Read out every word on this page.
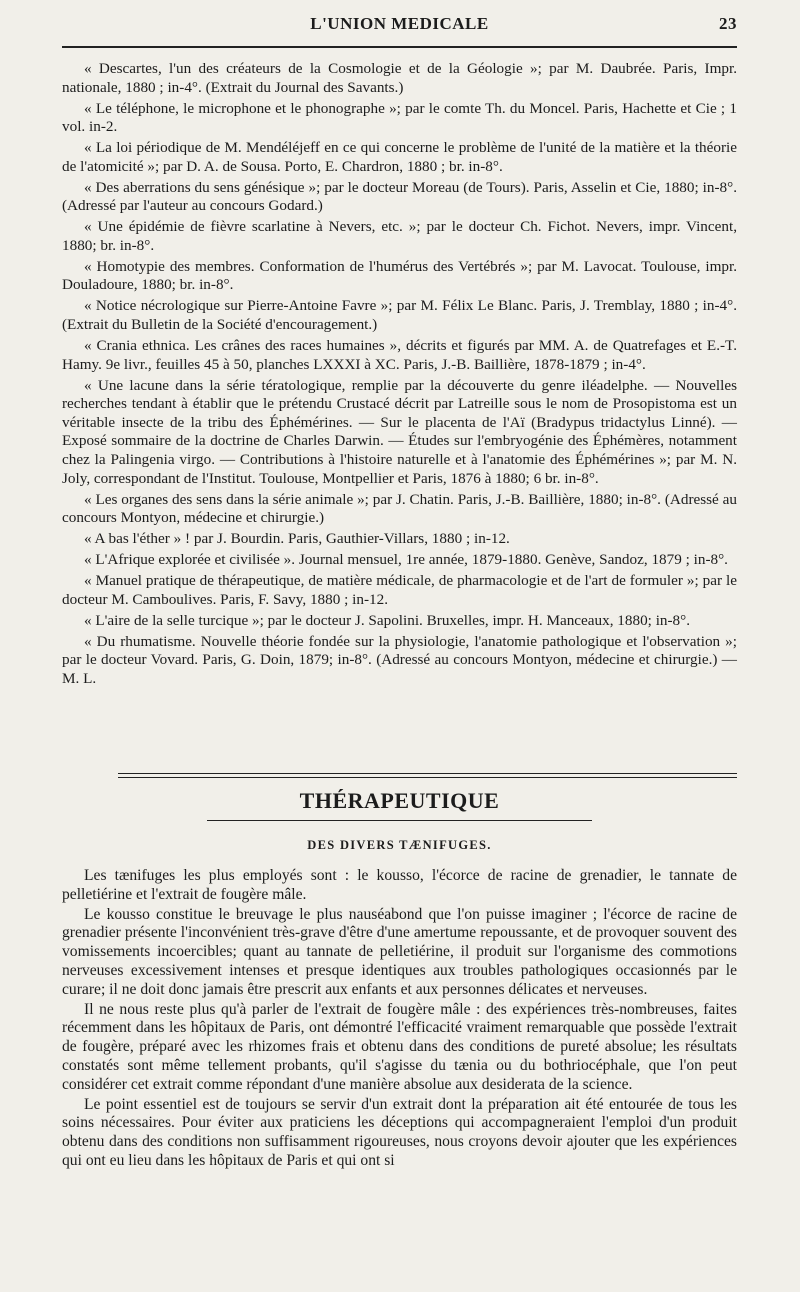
L'UNION MEDICALE	23

« Descartes, l'un des créateurs de la Cosmologie et de la Géologie »; par M. Daubrée. Paris, Impr. nationale, 1880 ; in-4°. (Extrait du Journal des Savants.)

« Le téléphone, le microphone et le phonographe »; par le comte Th. du Moncel. Paris, Hachette et Cie ; 1 vol. in-2.

« La loi périodique de M. Mendéléjeff en ce qui concerne le problème de l'unité de la matière et la théorie de l'atomicité »; par D. A. de Sousa. Porto, E. Chardron, 1880 ; br. in-8°.

« Des aberrations du sens génésique »; par le docteur Moreau (de Tours). Paris, Asselin et Cie, 1880; in-8°. (Adressé par l'auteur au concours Godard.)

« Une épidémie de fièvre scarlatine à Nevers, etc. »; par le docteur Ch. Fichot. Nevers, impr. Vincent, 1880; br. in-8°.

« Homotypie des membres. Conformation de l'humérus des Vertébrés »; par M. Lavocat. Toulouse, impr. Douladoure, 1880; br. in-8°.

« Notice nécrologique sur Pierre-Antoine Favre »; par M. Félix Le Blanc. Paris, J. Tremblay, 1880 ; in-4°. (Extrait du Bulletin de la Société d'encouragement.)

« Crania ethnica. Les crânes des races humaines », décrits et figurés par MM. A. de Quatrefages et E.-T. Hamy. 9e livr., feuilles 45 à 50, planches LXXXI à XC. Paris, J.-B. Baillière, 1878-1879 ; in-4°.

« Une lacune dans la série tératologique, remplie par la découverte du genre iléadelphe. — Nouvelles recherches tendant à établir que le prétendu Crustacé décrit par Latreille sous le nom de Prosopistoma est un véritable insecte de la tribu des Éphémérines. — Sur le placenta de l'Aï (Bradypus tridactylus Linné). — Exposé sommaire de la doctrine de Charles Darwin. — Études sur l'embryogénie des Éphémères, notamment chez la Palingenia virgo. — Contributions à l'histoire naturelle et à l'anatomie des Éphémérines »; par M. N. Joly, correspondant de l'Institut. Toulouse, Montpellier et Paris, 1876 à 1880; 6 br. in-8°.

« Les organes des sens dans la série animale »; par J. Chatin. Paris, J.-B. Baillière, 1880; in-8°. (Adressé au concours Montyon, médecine et chirurgie.)

« A bas l'éther » ! par J. Bourdin. Paris, Gauthier-Villars, 1880 ; in-12.

« L'Afrique explorée et civilisée ». Journal mensuel, 1re année, 1879-1880. Genève, Sandoz, 1879 ; in-8°.

« Manuel pratique de thérapeutique, de matière médicale, de pharmacologie et de l'art de formuler »; par le docteur M. Camboulives. Paris, F. Savy, 1880 ; in-12.

« L'aire de la selle turcique »; par le docteur J. Sapolini. Bruxelles, impr. H. Manceaux, 1880; in-8°.

« Du rhumatisme. Nouvelle théorie fondée sur la physiologie, l'anatomie pathologique et l'observation »; par le docteur Vovard. Paris, G. Doin, 1879; in-8°. (Adressé au concours Montyon, médecine et chirurgie.) — M. L.

THÉRAPEUTIQUE
DES DIVERS TÆNIFUGES.

Les tænifuges les plus employés sont : le kousso, l'écorce de racine de grenadier, le tannate de pelletiérine et l'extrait de fougère mâle.

Le kousso constitue le breuvage le plus nauséabond que l'on puisse imaginer ; l'écorce de racine de grenadier présente l'inconvénient très-grave d'être d'une amertume repoussante, et de provoquer souvent des vomissements incoercibles; quant au tannate de pelletiérine, il produit sur l'organisme des commotions nerveuses excessivement intenses et presque identiques aux troubles pathologiques occasionnés par le curare; il ne doit donc jamais être prescrit aux enfants et aux personnes délicates et nerveuses.

Il ne nous reste plus qu'à parler de l'extrait de fougère mâle : des expériences très-nombreuses, faites récemment dans les hôpitaux de Paris, ont démontré l'efficacité vraiment remarquable que possède l'extrait de fougère, préparé avec les rhizomes frais et obtenu dans des conditions de pureté absolue; les résultats constatés sont même tellement probants, qu'il s'agisse du tænia ou du bothriocéphale, que l'on peut considérer cet extrait comme répondant d'une manière absolue aux desiderata de la science.

Le point essentiel est de toujours se servir d'un extrait dont la préparation ait été entourée de tous les soins nécessaires. Pour éviter aux praticiens les déceptions qui accompagneraient l'emploi d'un produit obtenu dans des conditions non suffisamment rigoureuses, nous croyons devoir ajouter que les expériences qui ont eu lieu dans les hôpitaux de Paris et qui ont si
